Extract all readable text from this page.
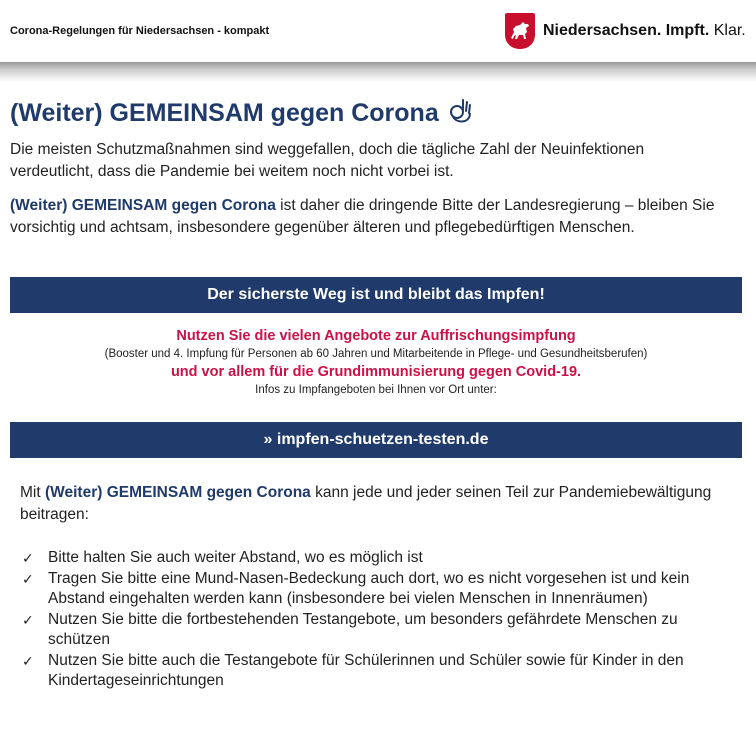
Corona-Regelungen für Niedersachsen - kompakt	Niedersachsen. Impft. Klar.
(Weiter) GEMEINSAM gegen Corona
Die meisten Schutzmaßnahmen sind weggefallen, doch die tägliche Zahl der Neuinfektionen verdeutlicht, dass die Pandemie bei weitem noch nicht vorbei ist.
(Weiter) GEMEINSAM gegen Corona ist daher die dringende Bitte der Landesregierung – bleiben Sie vorsichtig und achtsam, insbesondere gegenüber älteren und pflegebedürftigen Menschen.
Der sicherste Weg ist und bleibt das Impfen!
Nutzen Sie die vielen Angebote zur Auffrischungsimpfung
(Booster und 4. Impfung für Personen ab 60 Jahren und Mitarbeitende in Pflege- und Gesundheitsberufen)
und vor allem für die Grundimmunisierung gegen Covid-19.
Infos zu Impfangeboten bei Ihnen vor Ort unter:
» impfen-schuetzen-testen.de
Mit (Weiter) GEMEINSAM gegen Corona kann jede und jeder seinen Teil zur Pandemiebewältigung beitragen:
✓ Bitte halten Sie auch weiter Abstand, wo es möglich ist
✓ Tragen Sie bitte eine Mund-Nasen-Bedeckung auch dort, wo es nicht vorgesehen ist und kein Abstand eingehalten werden kann (insbesondere bei vielen Menschen in Innenräumen)
✓ Nutzen Sie bitte die fortbestehenden Testangebote, um besonders gefährdete Menschen zu schützen
✓ Nutzen Sie bitte auch die Testangebote für Schülerinnen und Schüler sowie für Kinder in den Kindertageseinrichtungen
